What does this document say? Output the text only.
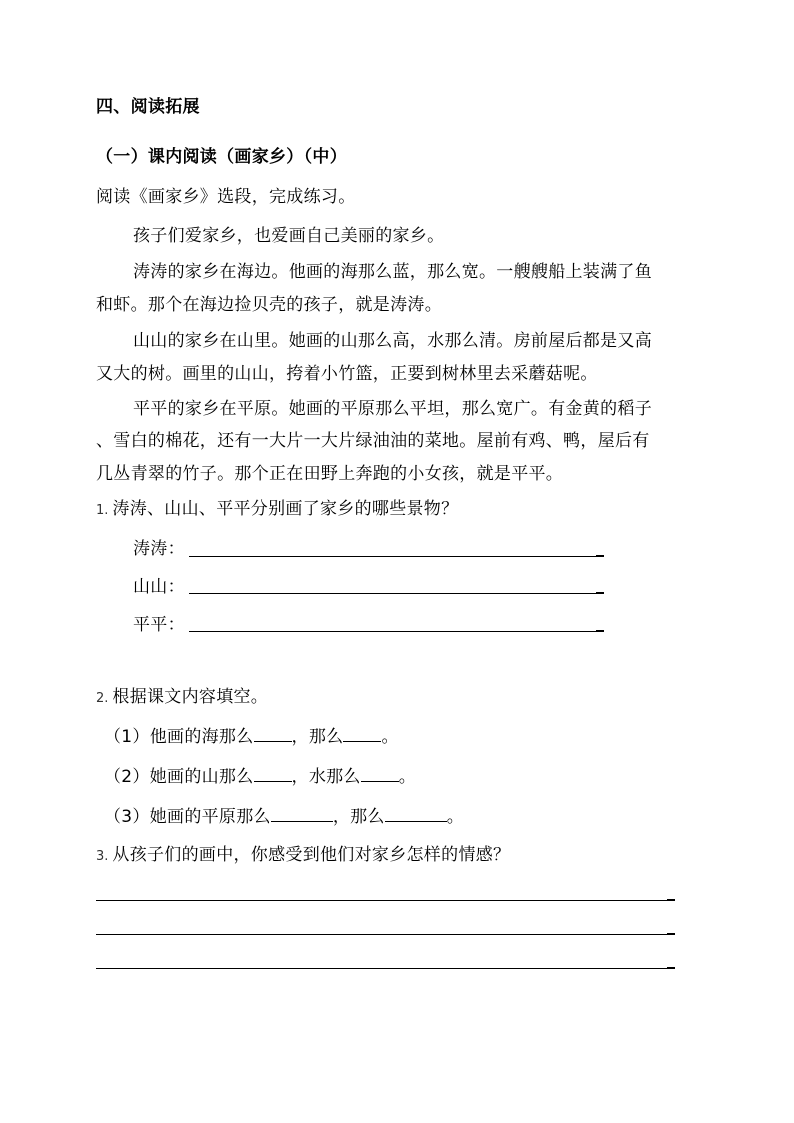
四、阅读拓展
（一）课内阅读（画家乡）（中）
阅读《画家乡》选段，完成练习。
孩子们爱家乡，也爱画自己美丽的家乡。
涛涛的家乡在海边。他画的海那么蓝，那么宽。一艘艘船上装满了鱼
和虾。那个在海边捡贝壳的孩子，就是涛涛。
山山的家乡在山里。她画的山那么高，水那么清。房前屋后都是又高
又大的树。画里的山山，挎着小竹篮，正要到树林里去采蘑菇呢。
平平的家乡在平原。她画的平原那么平坦，那么宽广。有金黄的稻子
、雪白的棉花，还有一大片一大片绿油油的菜地。屋前有鸡、鸭，屋后有
几丛青翠的竹子。那个正在田野上奔跑的小女孩，就是平平。
1. 涛涛、山山、平平分别画了家乡的哪些景物？
涛涛：
山山：
平平：
2. 根据课文内容填空。
（1）他画的海那么 ，那么 。
（2）她画的山那么 ，水那么 。
（3）她画的平原那么	，那么	。
3. 从孩子们的画中，你感受到他们对家乡怎样的情感？
